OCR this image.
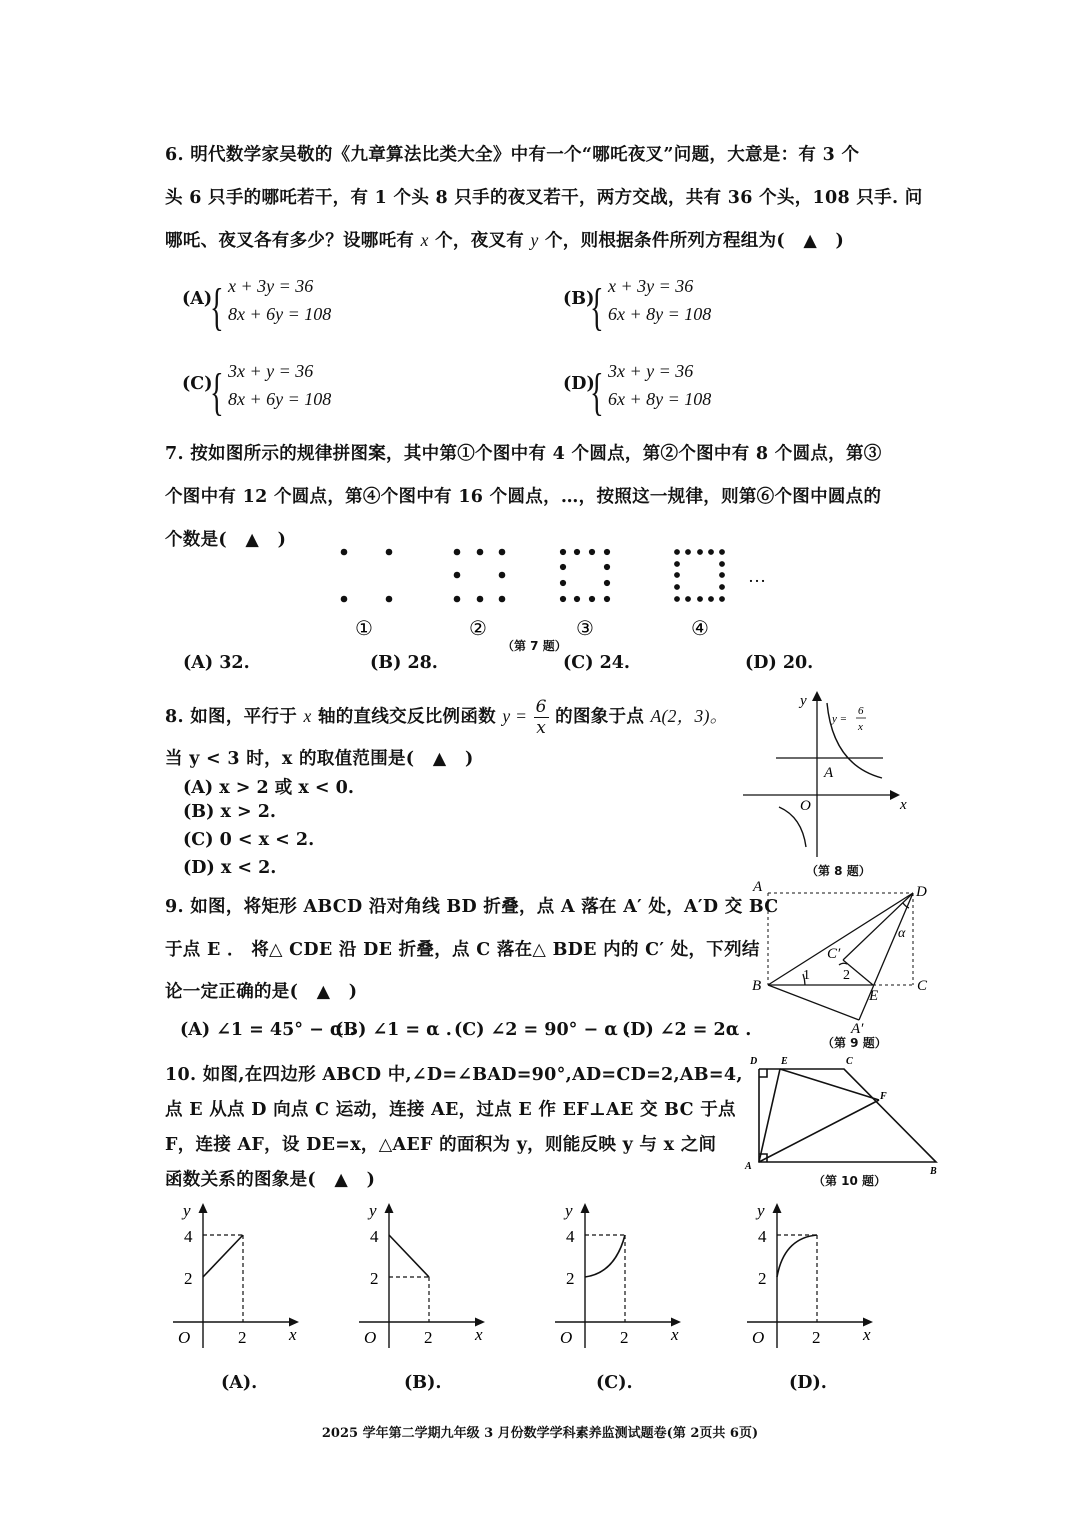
6. 明代数学家吴敬的《九章算法比类大全》中有一个“哪吒夜叉”问题，大意是：有 3 个
头 6 只手的哪吒若干，有 1 个头 8 只手的夜叉若干，两方交战，共有 36 个头，108 只手. 问
哪吒、夜叉各有多少？设哪吒有 x 个，夜叉有 y 个，则根据条件所列方程组为( ▲ )
(A)
{ x + 3y = 36
8x + 6y = 108
(B)
{ x + 3y = 36
6x + 8y = 108
(C)
{ 3x + y = 36
8x + 6y = 108
(D)
{ 3x + y = 36
6x + 8y = 108
7. 按如图所示的规律拼图案，其中第①个图中有 4 个圆点，第②个图中有 8 个圆点，第③
个图中有 12 个圆点，第④个图中有 16 个圆点，…，按照这一规律，则第⑥个图中圆点的
个数是( ▲ )
…
①	②	③	④
（第 7 题）
(A) 32.	(B) 28.	(C) 24.	(D) 20.
8. 如图，平行于 x 轴的直线交反比例函数 $y = \frac{6}{x}$ 的图象于点 A(2，3)。
当 y < 3 时，x 的取值范围是( ▲ )
(A) x > 2 或 x < 0.
(B) x > 2.
(C) 0 < x < 2.
(D) x < 2.
y
x
O
A
y =
6
x
（第 8 题）
9. 如图，将矩形 ABCD 沿对角线 BD 折叠，点 A 落在 A′ 处，A′D 交 BC
于点 E ． 将△ CDE 沿 DE 折叠，点 C 落在△ BDE 内的 C′ 处，下列结
论一定正确的是( ▲ )
(A) ∠1 = 45° − α .
(B) ∠1 = α . (C) ∠2 = 90° − α .
(D) ∠2 = 2α .
A	D
B	C
E
C′
A′
1 2
α
（第 9 题）
10. 如图,在四边形 ABCD 中,∠D=∠BAD=90°,AD=CD=2,AB=4,
点 E 从点 D 向点 C 运动，连接 AE，过点 E 作 EF⊥AE 交 BC 于点
F，连接 AF，设 DE=x，△AEF 的面积为 y，则能反映 y 与 x 之间
函数关系的图象是( ▲ )
D E	C
F
A	B
（第 10 题）
y
x
O
4
2
2
y
x
O
4
2
2
y
x
O
4
2
2
y
x
O
4
2
2
(A).	(B).	(C).	(D).
2025 学年第二学期九年级 3 月份数学学科素养监测试题卷(第 2页共 6页)
